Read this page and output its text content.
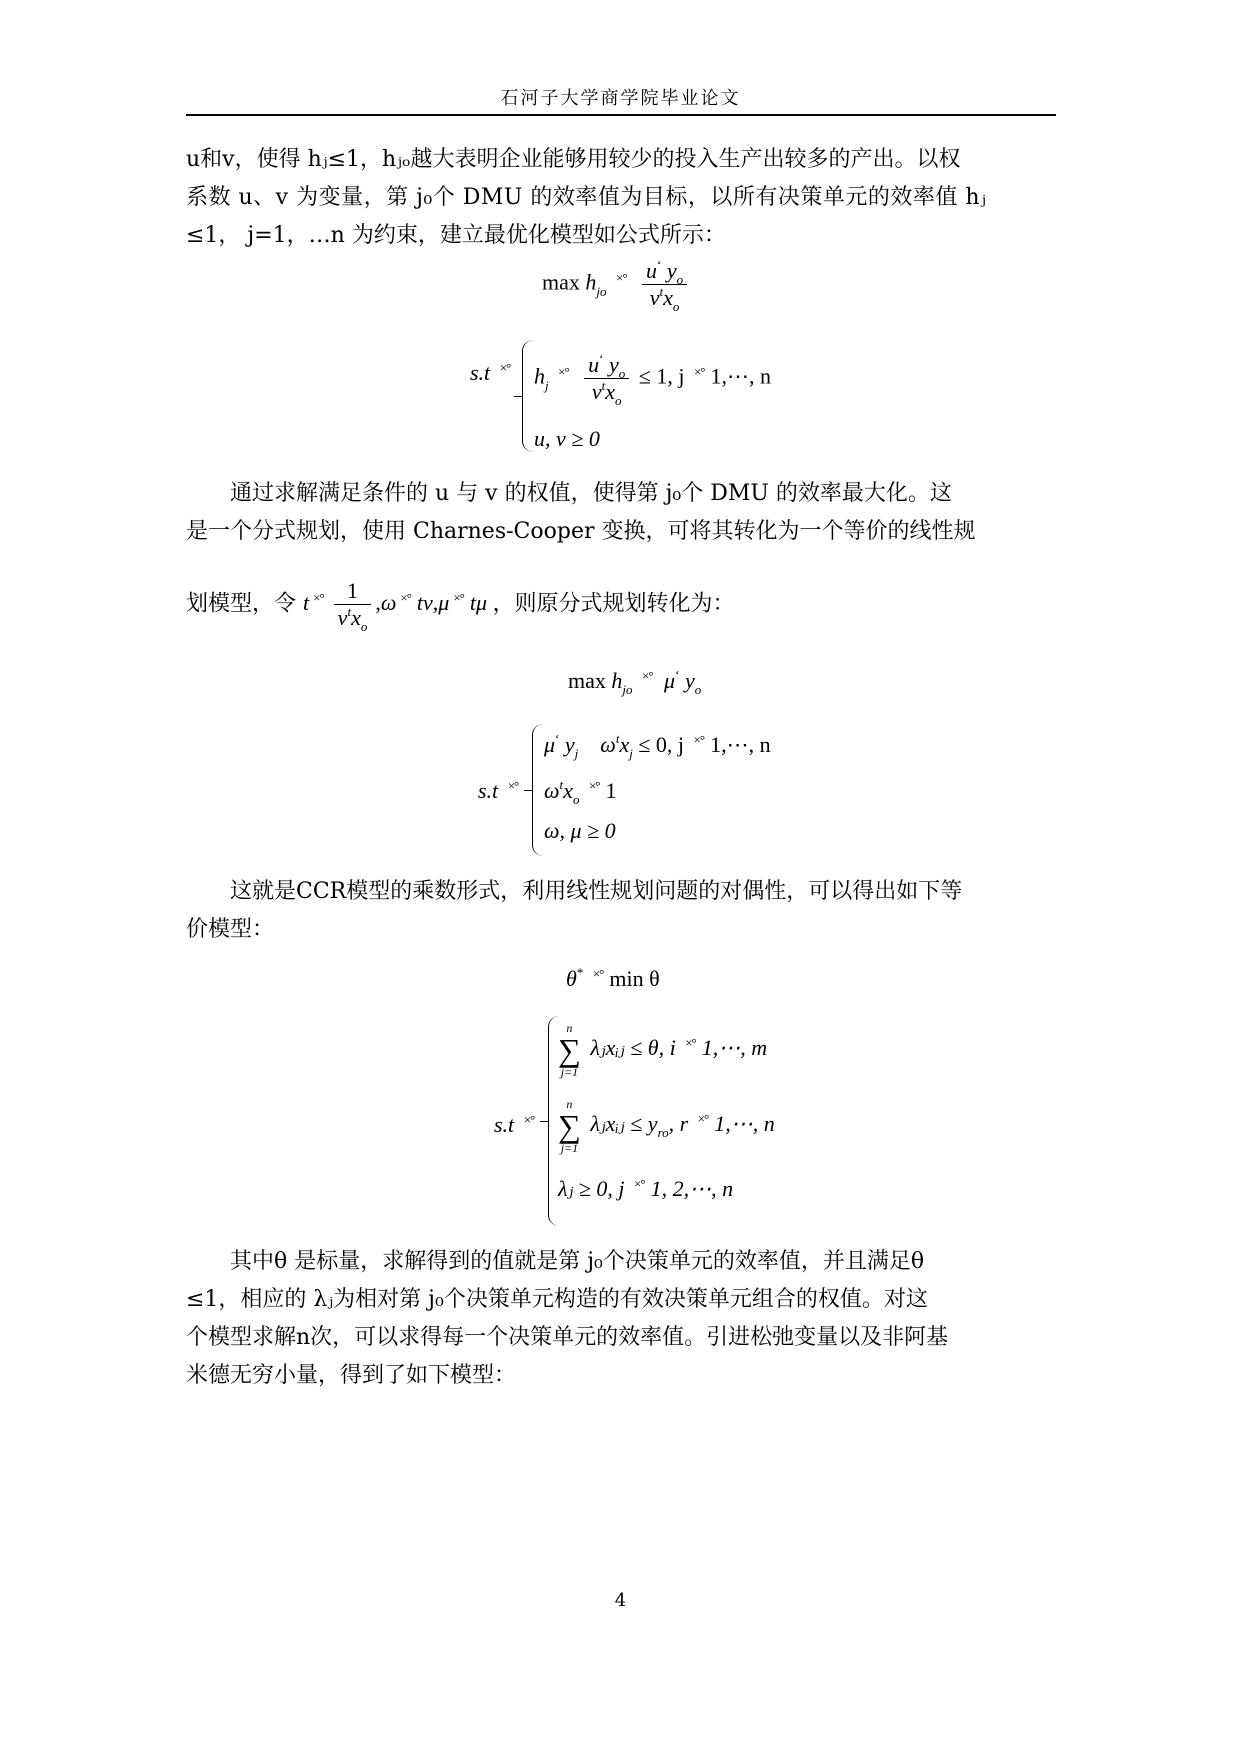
石河子大学商学院毕业论文
u和v，使得 hⱼ≤1，hⱼₒ越大表明企业能够用较少的投入生产出较多的产出。以权
系数 u、v 为变量，第 j₀个 DMU 的效率值为目标，以所有决策单元的效率值 hⱼ
≤1， j=1，…n 为约束，建立最优化模型如公式所示：
$\max h_{jo}$ $^{\times^\circ} \frac{u^ʻ y_o}{v^tx_o}$
s.t ×° $h_j$ $^{\times^\circ} \frac{u^ʻ y_o}{v^tx_o} \le 1$, j ×° 1,⋯, n
u, v ≥ 0
通过求解满足条件的 u 与 v 的权值，使得第 j₀个 DMU 的效率最大化。这
是一个分式规划，使用 Charnes-Cooper 变换，可将其转化为一个等价的线性规
划模型，令 t $^{\times^\circ} \frac{1}{v^tx_o} ,\omega$ ×° tv,μ ×° tμ ，则原分式规划转化为：
$\max h_{jo}$ ×° $\mu^ʻ$ $y_o$
s.t ×°
$\mu^ʻ$ $y_j$ $\omega^tx_j \le 0$, j ×° 1,⋯, n
$\omega^tx_o$ ×° 1
ω, μ ≥ 0
这就是CCR模型的乘数形式，利用线性规划问题的对偶性，可以得出如下等
价模型：
θ* ×° min θ
s.t ×°
n
∑
j=1
λⱼxᵢⱼ ≤ θ, i ×° 1,⋯, m
n
∑
j=1
λⱼxᵢⱼ ≤ $y_{ro}$, r ×° 1,⋯, n
λⱼ ≥ 0, j ×° 1, 2,⋯, n
其中θ 是标量，求解得到的值就是第 j₀个决策单元的效率值，并且满足θ
≤1，相应的 λⱼ为相对第 j₀个决策单元构造的有效决策单元组合的权值。对这
个模型求解n次，可以求得每一个决策单元的效率值。引进松弛变量以及非阿基
米德无穷小量，得到了如下模型：
4
